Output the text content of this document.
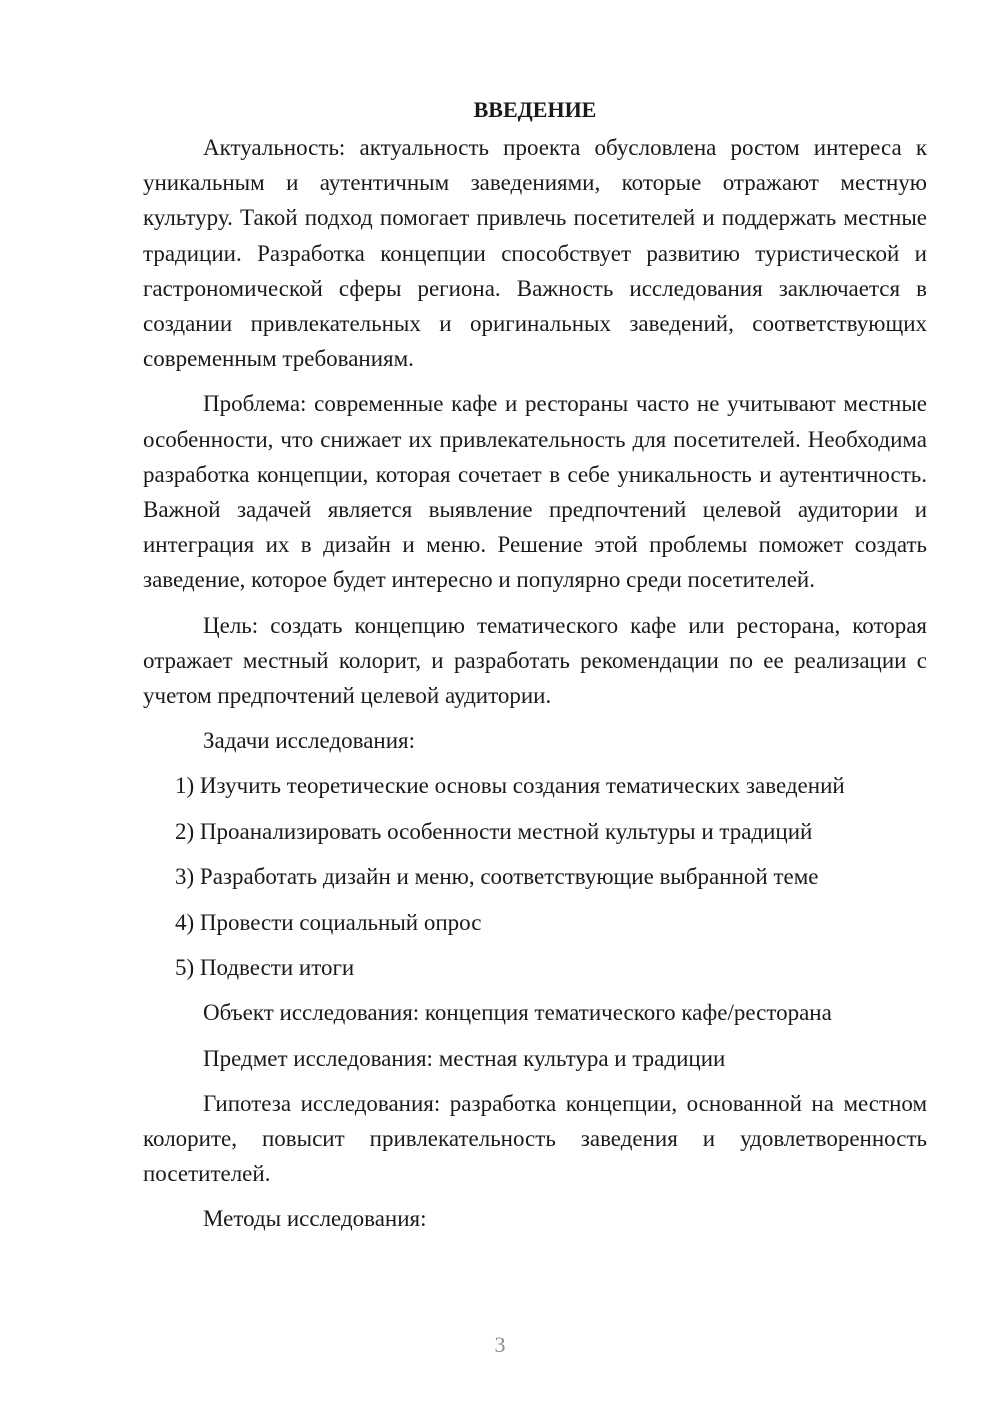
ВВЕДЕНИЕ

Актуальность: актуальность проекта обусловлена ростом интереса к уникальным и аутентичным заведениями, которые отражают местную культуру. Такой подход помогает привлечь посетителей и поддержать местные традиции. Разработка концепции способствует развитию туристической и гастрономической сферы региона. Важность исследования заключается в создании привлекательных и оригинальных заведений, соответствующих современным требованиям.

Проблема: современные кафе и рестораны часто не учитывают местные особенности, что снижает их привлекательность для посетителей. Необходима разработка концепции, которая сочетает в себе уникальность и аутентичность. Важной задачей является выявление предпочтений целевой аудитории и интеграция их в дизайн и меню. Решение этой проблемы поможет создать заведение, которое будет интересно и популярно среди посетителей.

Цель: создать концепцию тематического кафе или ресторана, которая отражает местный колорит, и разработать рекомендации по ее реализации с учетом предпочтений целевой аудитории.

Задачи исследования:
1) Изучить теоретические основы создания тематических заведений
2) Проанализировать особенности местной культуры и традиций
3) Разработать дизайн и меню, соответствующие выбранной теме
4) Провести социальный опрос
5) Подвести итоги
Объект исследования: концепция тематического кафе/ресторана
Предмет исследования: местная культура и традиции

Гипотеза исследования: разработка концепции, основанной на местном колорите, повысит привлекательность заведения и удовлетворенность посетителей.

Методы исследования:
3
